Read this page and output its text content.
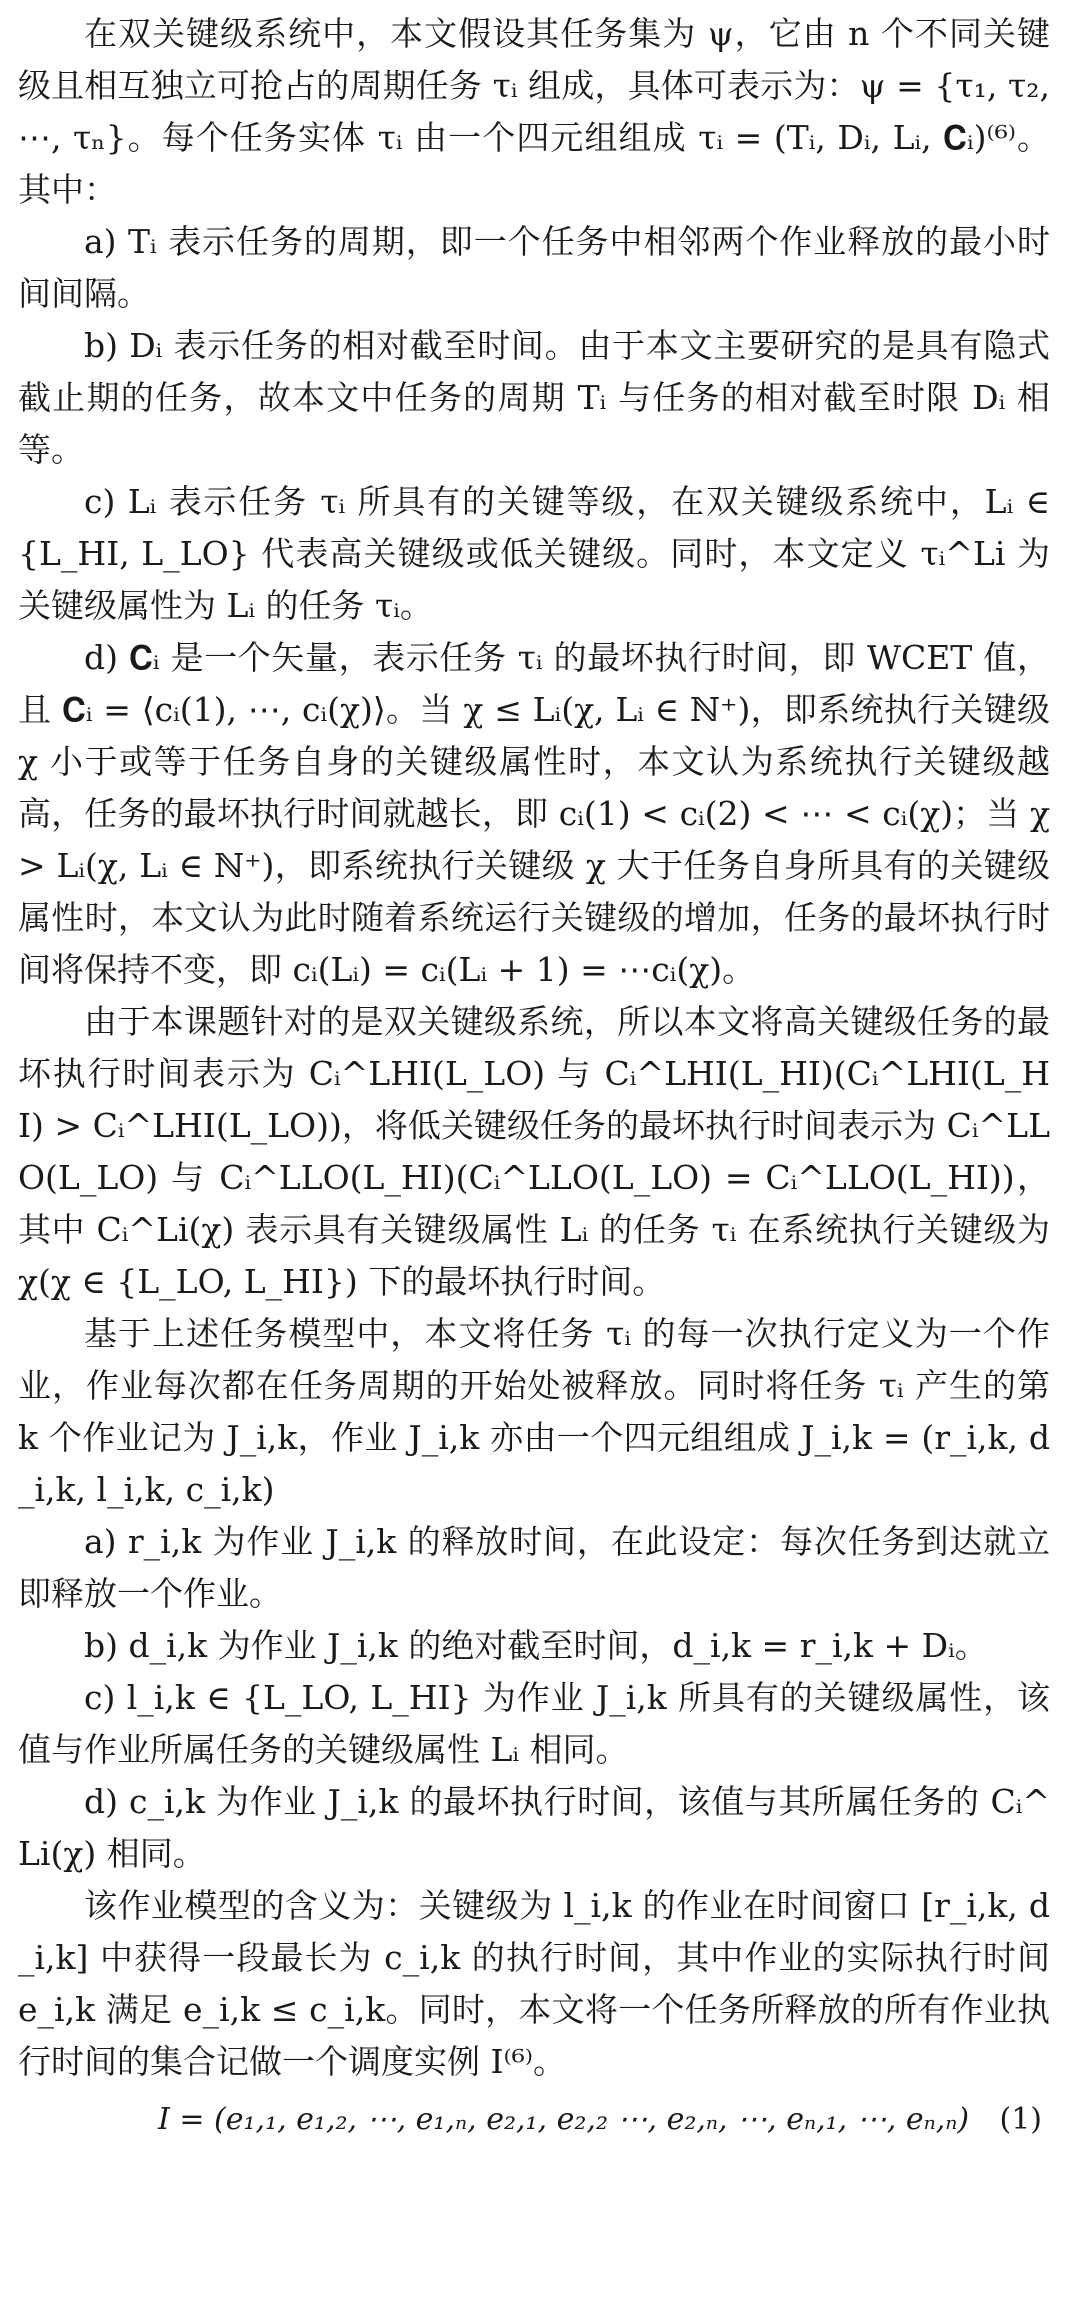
在双关键级系统中，本文假设其任务集为 ψ，它由 n 个不同关键级且相互独立可抢占的周期任务 τᵢ 组成，具体可表示为：ψ = {τ₁, τ₂, ⋯, τₙ}。每个任务实体 τᵢ 由一个四元组组成 τᵢ = (Tᵢ, Dᵢ, Lᵢ, 𝐂ᵢ)⁽⁶⁾。其中：

a) Tᵢ 表示任务的周期，即一个任务中相邻两个作业释放的最小时间间隔。

b) Dᵢ 表示任务的相对截至时间。由于本文主要研究的是具有隐式截止期的任务，故本文中任务的周期 Tᵢ 与任务的相对截至时限 Dᵢ 相等。

c) Lᵢ 表示任务 τᵢ 所具有的关键等级，在双关键级系统中，Lᵢ ∈ {L_HI, L_LO} 代表高关键级或低关键级。同时，本文定义 τᵢ^Li 为关键级属性为 Lᵢ 的任务 τᵢ。

d) 𝐂ᵢ 是一个矢量，表示任务 τᵢ 的最坏执行时间，即 WCET 值，且 𝐂ᵢ = ⟨cᵢ(1), ⋯, cᵢ(χ)⟩。当 χ ≤ Lᵢ(χ, Lᵢ ∈ ℕ⁺)，即系统执行关键级 χ 小于或等于任务自身的关键级属性时，本文认为系统执行关键级越高，任务的最坏执行时间就越长，即 cᵢ(1) < cᵢ(2) < ⋯ < cᵢ(χ)；当 χ > Lᵢ(χ, Lᵢ ∈ ℕ⁺)，即系统执行关键级 χ 大于任务自身所具有的关键级属性时，本文认为此时随着系统运行关键级的增加，任务的最坏执行时间将保持不变，即 cᵢ(Lᵢ) = cᵢ(Lᵢ + 1) = ⋯cᵢ(χ)。

由于本课题针对的是双关键级系统，所以本文将高关键级任务的最坏执行时间表示为 Cᵢ^LHI(L_LO) 与 Cᵢ^LHI(L_HI)(Cᵢ^LHI(L_HI) > Cᵢ^LHI(L_LO))，将低关键级任务的最坏执行时间表示为 Cᵢ^LLO(L_LO) 与 Cᵢ^LLO(L_HI)(Cᵢ^LLO(L_LO) = Cᵢ^LLO(L_HI))，其中 Cᵢ^Li(χ) 表示具有关键级属性 Lᵢ 的任务 τᵢ 在系统执行关键级为 χ(χ ∈ {L_LO, L_HI}) 下的最坏执行时间。

基于上述任务模型中，本文将任务 τᵢ 的每一次执行定义为一个作业，作业每次都在任务周期的开始处被释放。同时将任务 τᵢ 产生的第 k 个作业记为 J_i,k，作业 J_i,k 亦由一个四元组组成 J_i,k = (r_i,k, d_i,k, l_i,k, c_i,k)

a) r_i,k 为作业 J_i,k 的释放时间，在此设定：每次任务到达就立即释放一个作业。

b) d_i,k 为作业 J_i,k 的绝对截至时间，d_i,k = r_i,k + Dᵢ。

c) l_i,k ∈ {L_LO, L_HI} 为作业 J_i,k 所具有的关键级属性，该值与作业所属任务的关键级属性 Lᵢ 相同。

d) c_i,k 为作业 J_i,k 的最坏执行时间，该值与其所属任务的 Cᵢ^Li(χ) 相同。

该作业模型的含义为：关键级为 l_i,k 的作业在时间窗口 [r_i,k, d_i,k] 中获得一段最长为 c_i,k 的执行时间，其中作业的实际执行时间 e_i,k 满足 e_i,k ≤ c_i,k。同时，本文将一个任务所释放的所有作业执行时间的集合记做一个调度实例 I⁽⁶⁾。

I = (e₁,₁, e₁,₂, ⋯, e₁,ₙ, e₂,₁, e₂,₂ ⋯, e₂,ₙ, ⋯, eₙ,₁, ⋯, eₙ,ₙ) (1)
